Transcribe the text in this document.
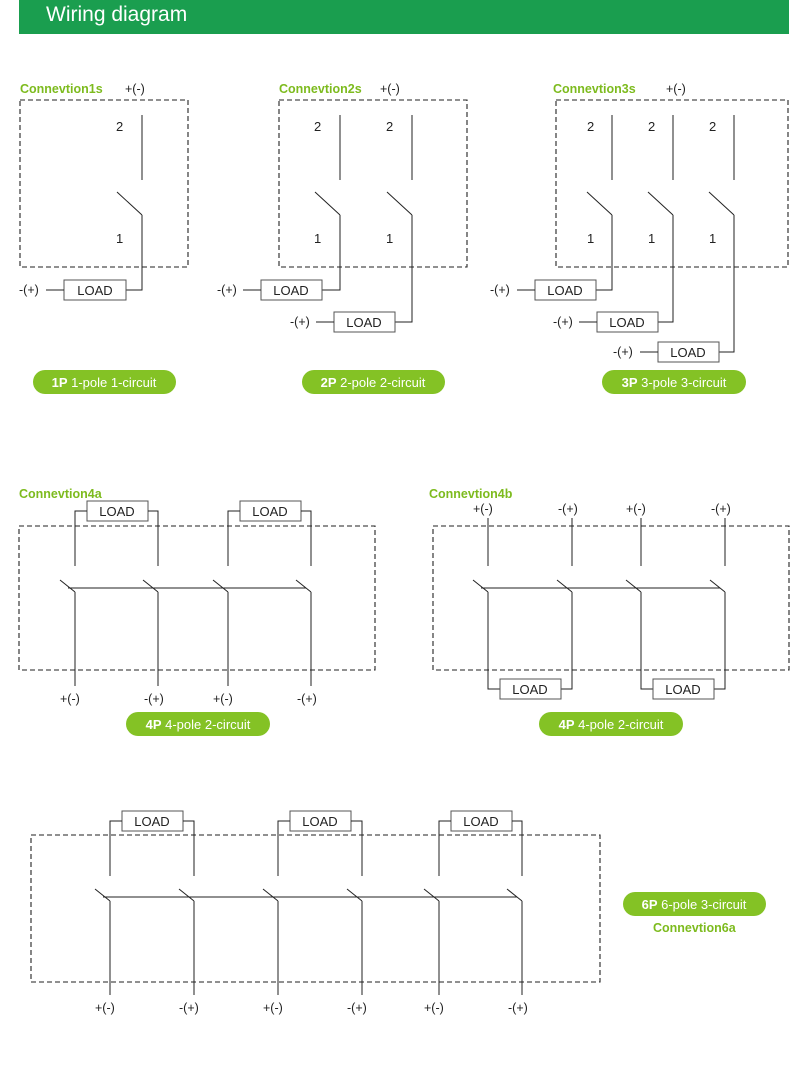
Wiring diagram
Connevtion1s +(-)
2
1
LOAD
-(+)
1P 1-pole 1-circuit
Connevtion2s +(-)
2	2
1	1
LOAD
-(+)
LOAD
-(+)
2P 2-pole 2-circuit
Connevtion3s +(-)
2	2	2
1	1	1
LOAD
-(+)
LOAD
-(+)
LOAD
-(+)
3P 3-pole 3-circuit
Connevtion4a
LOAD	LOAD
+(-)	-(+)	+(-)	-(+)
4P 4-pole 2-circuit
Connevtion4b
+(-)	-(+)	+(-)	-(+)
LOAD	LOAD
4P 4-pole 2-circuit
LOAD	LOAD	LOAD
+(-)	-(+)	+(-)	-(+)	+(-)	-(+)
6P 6-pole 3-circuit
Connevtion6a
